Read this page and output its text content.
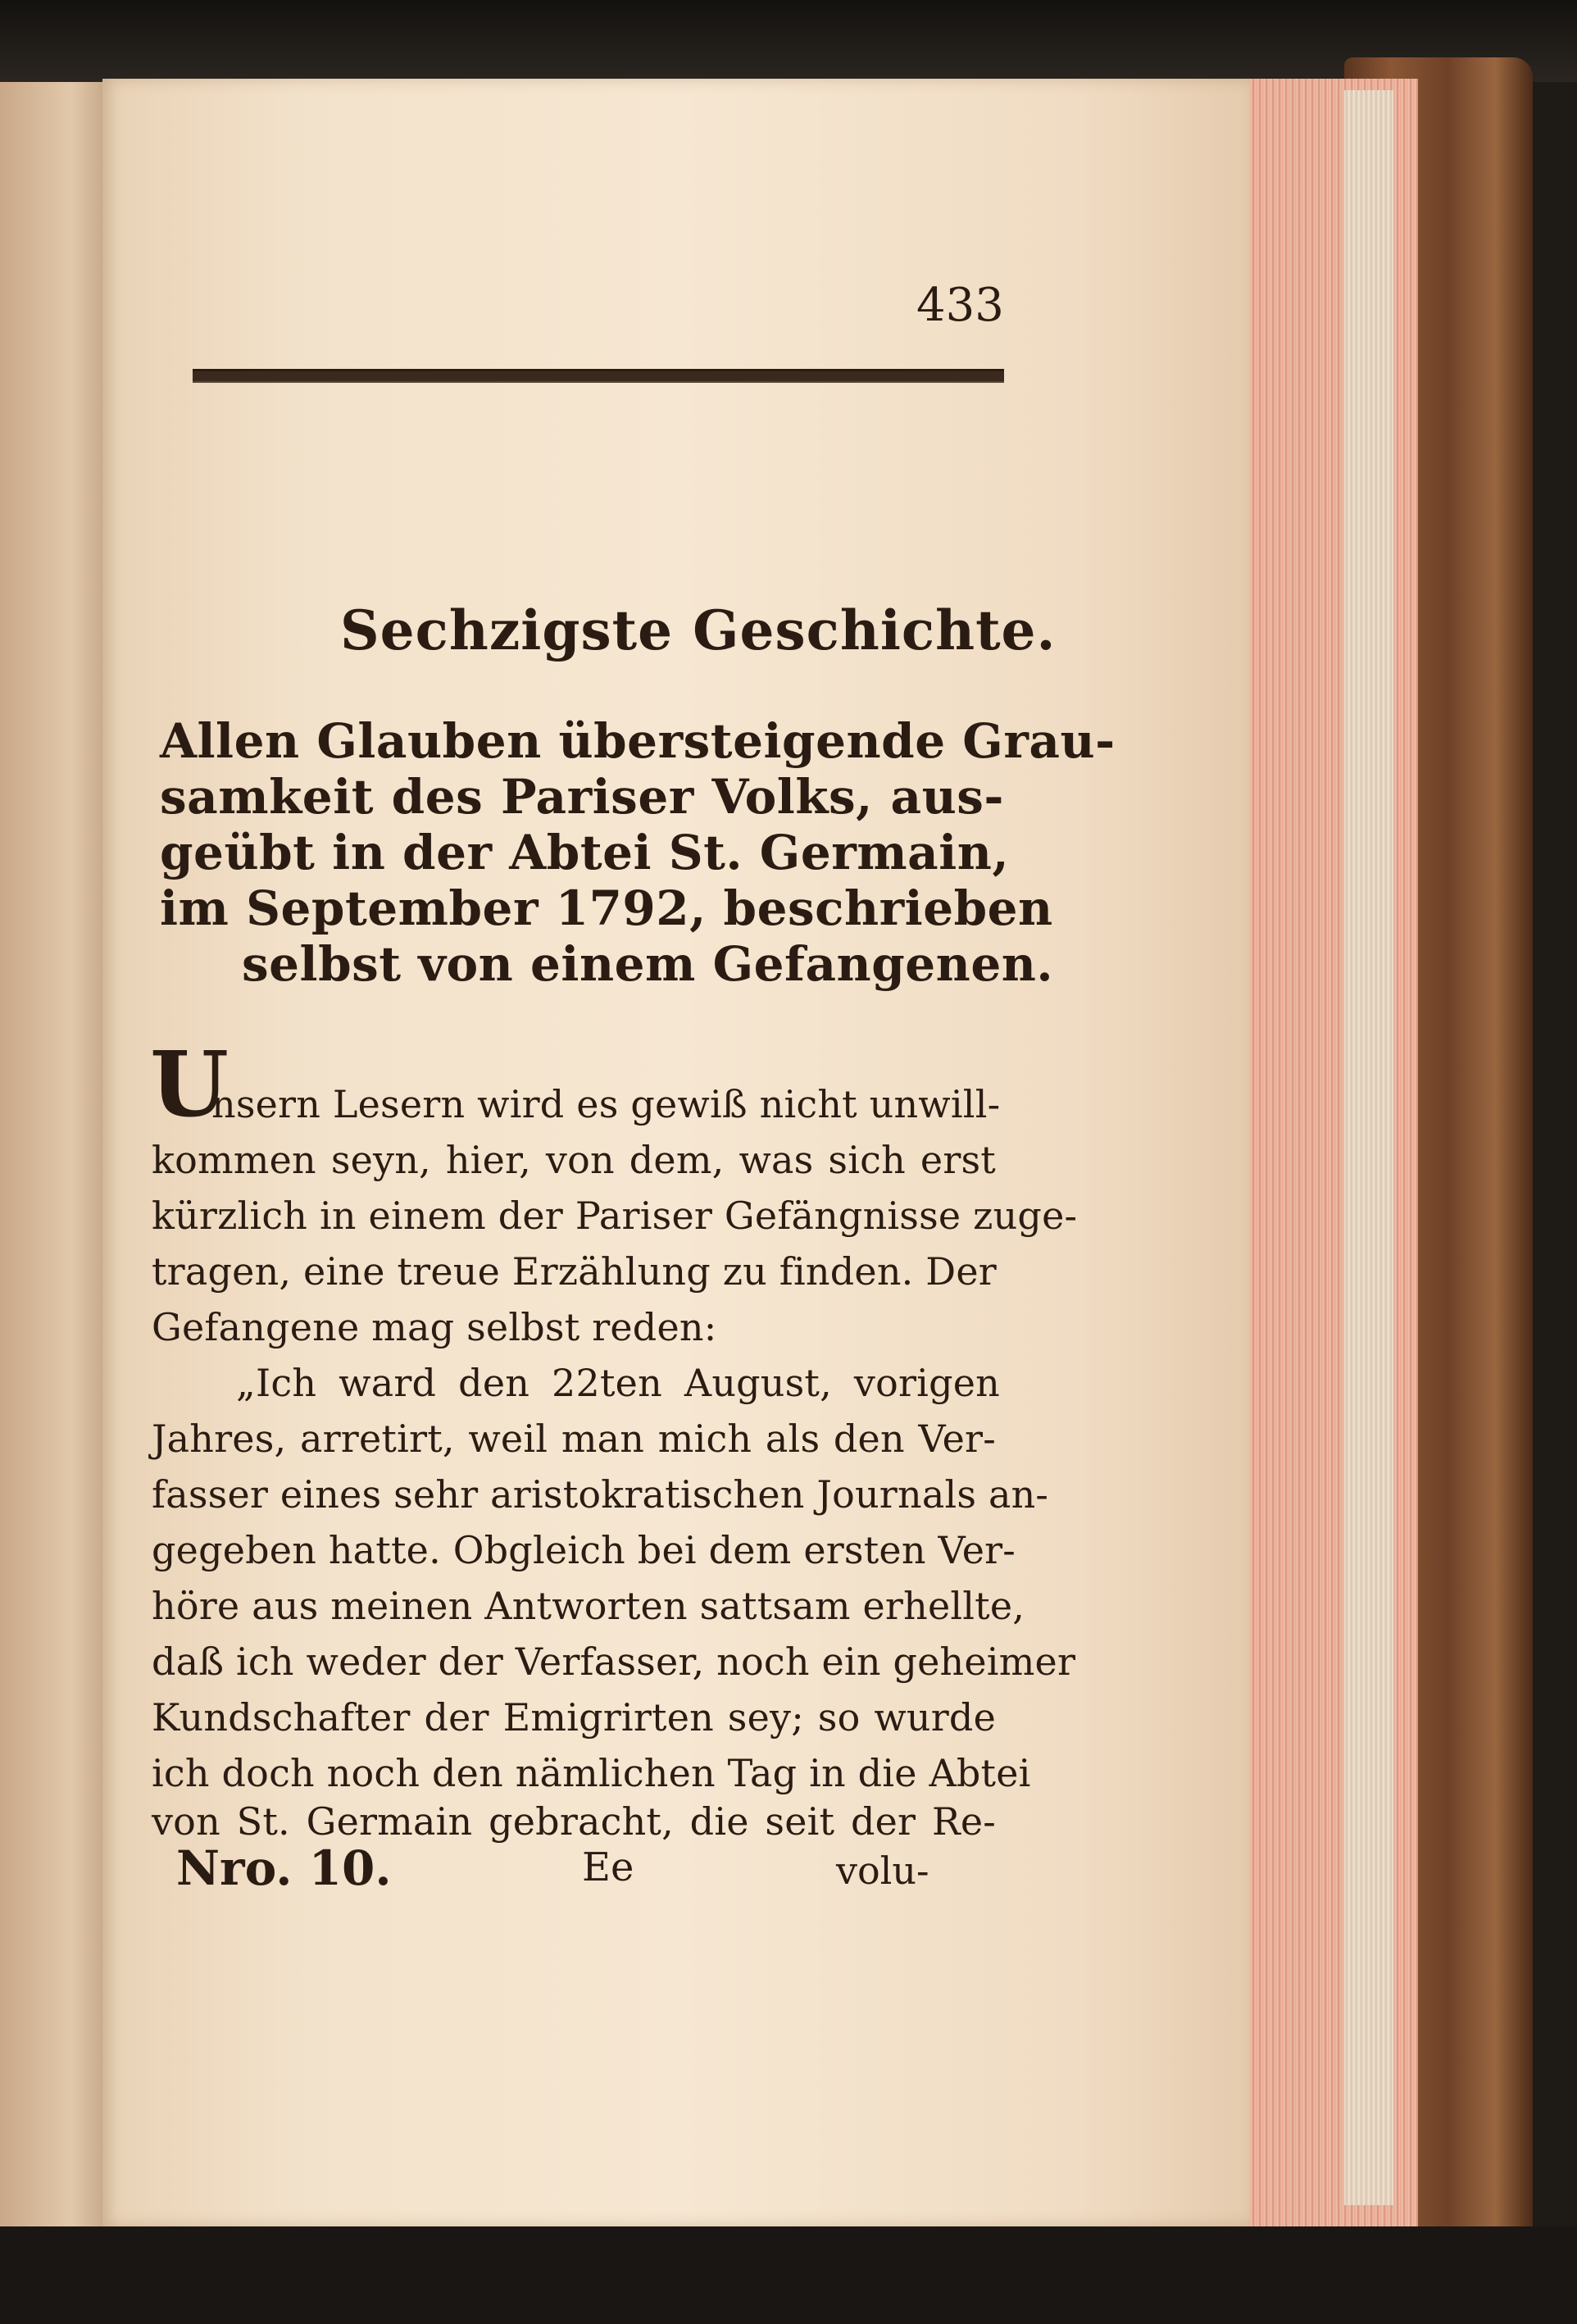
433
Sechzigste Geschichte.
Allen Glauben übersteigende Grau-
samkeit des Pariser Volks, aus-
geübt in der Abtei St. Germain,
im September 1792, beschrieben
selbst von einem Gefangenen.
U
nsern Lesern wird es gewiß nicht unwill-
kommen seyn, hier, von dem, was sich erst
kürzlich in einem der Pariser Gefängnisse zuge-
tragen, eine treue Erzählung zu finden. Der
Gefangene mag selbst reden:
„Ich ward den 22ten August, vorigen
Jahres, arretirt, weil man mich als den Ver-
fasser eines sehr aristokratischen Journals an-
gegeben hatte. Obgleich bei dem ersten Ver-
höre aus meinen Antworten sattsam erhellte,
daß ich weder der Verfasser, noch ein geheimer
Kundschafter der Emigrirten sey; so wurde
ich doch noch den nämlichen Tag in die Abtei
von St. Germain gebracht, die seit der Re-
Nro. 10.	Ee	volu-
